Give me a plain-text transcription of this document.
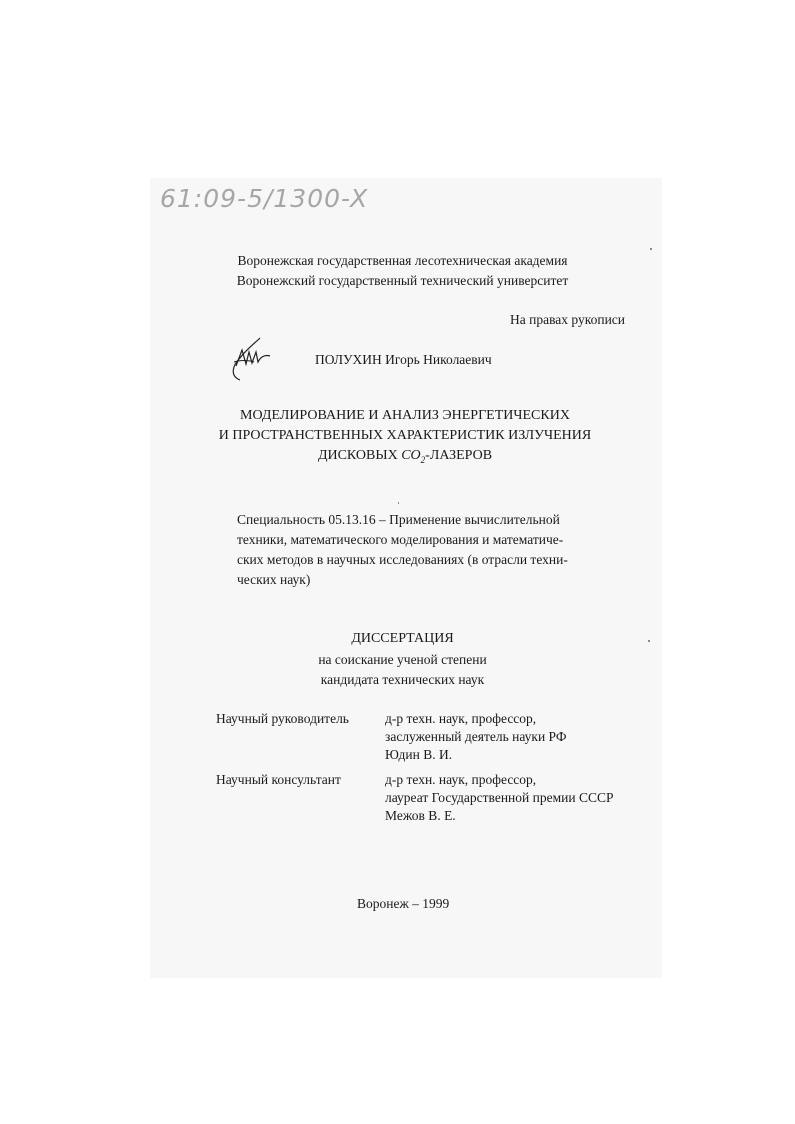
61:09-5/1300-X
Воронежская государственная лесотехническая академия
Воронежский государственный технический университет
На правах рукописи
ПОЛУХИН Игорь Николаевич
МОДЕЛИРОВАНИЕ И АНАЛИЗ ЭНЕРГЕТИЧЕСКИХ
И ПРОСТРАНСТВЕННЫХ ХАРАКТЕРИСТИК ИЗЛУЧЕНИЯ
ДИСКОВЫХ $CO_2$-ЛАЗЕРОВ
Специальность 05.13.16 – Применение вычислительной
техники, математического моделирования и математиче-
ских методов в научных исследованиях (в отрасли техни-
ческих наук)
ДИССЕРТАЦИЯ
на соискание ученой степени
кандидата технических наук
Научный руководитель	д-р техн. наук, профессор,
заслуженный деятель науки РФ
Юдин В. И.
Научный консультант	д-р техн. наук, профессор,
лауреат Государственной премии СССР
Межов В. Е.
Воронеж – 1999
